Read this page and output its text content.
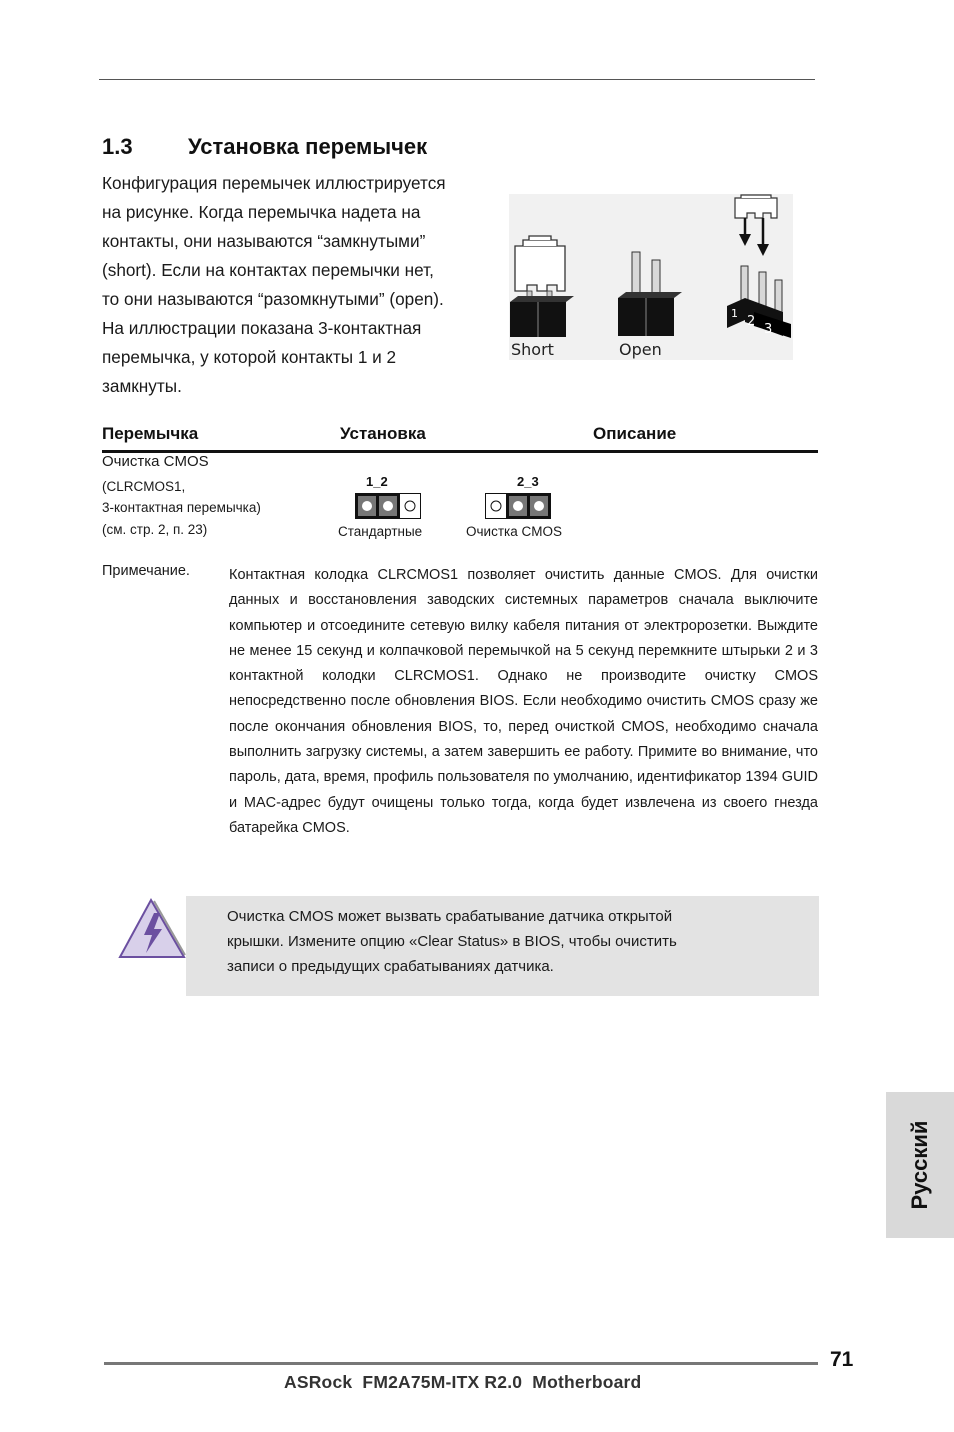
1.3	Установка перемычек
Конфигурация перемычек иллюстрируется
на рисунке. Когда перемычка надета на
контакты, они называются “замкнутыми”
(short). Если на контактах перемычки нет,
то они называются “разомкнутыми” (open).
На иллюстрации показана 3-контактная
перемычка, у которой контакты 1 и 2
замкнуты.
Short	Open
1
2
3
Перемычка	Установка	Описание
Очистка CMOS
(CLRCMOS1,
3-контактная перемычка)
(см. стр. 2, п. 23)
1_2
Стандартные
2_3
Очистка CMOS
Примечание.	Контактная колодка CLRCMOS1 позволяет очистить данные CMOS. Для очистки данных и восстановления заводских системных параметров сначала выключите компьютер и отсоедините сетевую вилку кабеля питания от электророзетки. Выждите не менее 15 секунд и колпачковой перемычкой на 5 секунд перемкните штырьки 2 и 3 контактной колодки CLRCMOS1. Однако не производите очистку CMOS непосредственно после обновления BIOS. Если необходимо очистить CMOS сразу же после окончания обновления BIOS, то, перед очисткой CMOS, необходимо сначала выполнить загрузку системы, а затем завершить ее работу. Примите во внимание, что пароль, дата, время, профиль пользователя по умолчанию, идентификатор 1394 GUID и MAC-адрес будут очищены только тогда, когда будет извлечена из своего гнезда батарейка CMOS.
Очистка CMOS может вызвать срабатывание датчика открытой
крышки. Измените опцию «Clear Status» в BIOS, чтобы очистить
записи о предыдущих срабатываниях датчика.
Русский
71
ASRock  FM2A75M-ITX R2.0  Motherboard
